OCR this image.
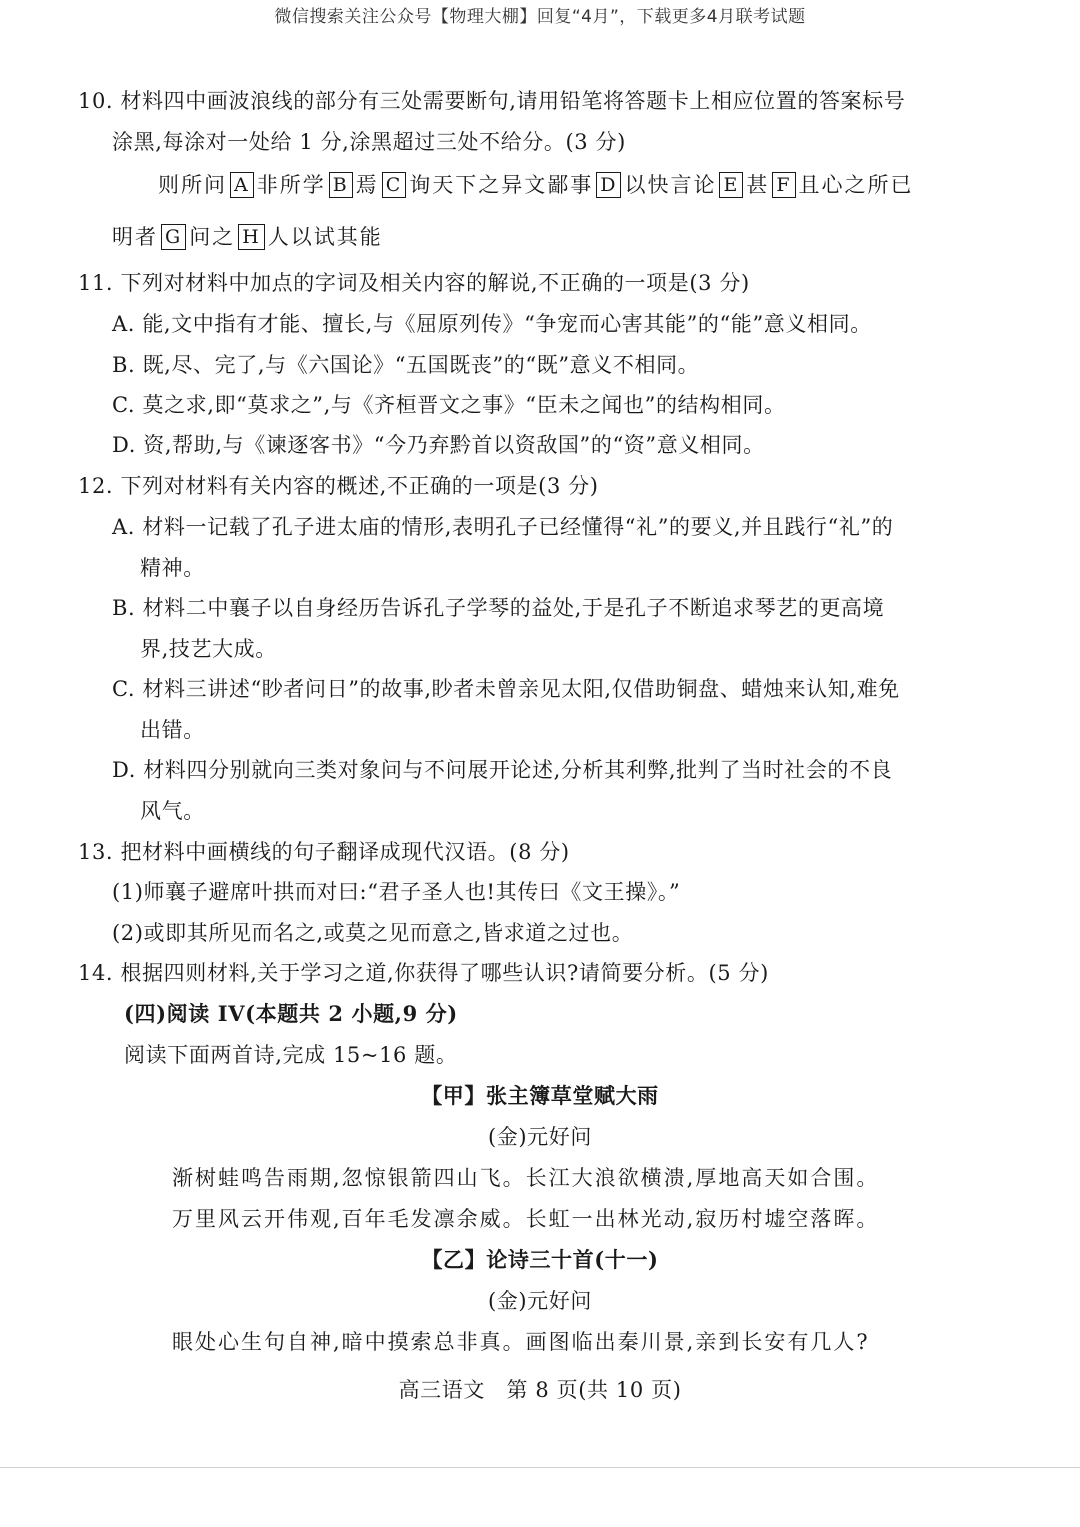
微信搜索关注公众号【物理大棚】回复“4月”，下载更多4月联考试题
10. 材料四中画波浪线的部分有三处需要断句,请用铅笔将答题卡上相应位置的答案标号
涂黑,每涂对一处给 1 分,涂黑超过三处不给分。(3 分)
则所问 A 非所学 B 焉 C 询天下之异文鄙事 D 以快言论 E 甚 F 且心之所已
明者 G 问之 H 人以试其能
11. 下列对材料中加点的字词及相关内容的解说,不正确的一项是(3 分)
A. 能,文中指有才能、擅长,与《屈原列传》“争宠而心害其能”的“能”意义相同。
B. 既,尽、完了,与《六国论》“五国既丧”的“既”意义不相同。
C. 莫之求,即“莫求之”,与《齐桓晋文之事》“臣未之闻也”的结构相同。
D. 资,帮助,与《谏逐客书》“今乃弃黔首以资敌国”的“资”意义相同。
12. 下列对材料有关内容的概述,不正确的一项是(3 分)
A. 材料一记载了孔子进太庙的情形,表明孔子已经懂得“礼”的要义,并且践行“礼”的
精神。
B. 材料二中襄子以自身经历告诉孔子学琴的益处,于是孔子不断追求琴艺的更高境
界,技艺大成。
C. 材料三讲述“眇者问日”的故事,眇者未曾亲见太阳,仅借助铜盘、蜡烛来认知,难免
出错。
D. 材料四分别就向三类对象问与不问展开论述,分析其利弊,批判了当时社会的不良
风气。
13. 把材料中画横线的句子翻译成现代汉语。(8 分)
(1)师襄子避席叶拱而对曰:“君子圣人也!其传曰《文王操》。”
(2)或即其所见而名之,或莫之见而意之,皆求道之过也。
14. 根据四则材料,关于学习之道,你获得了哪些认识?请简要分析。(5 分)
(四)阅读 IV(本题共 2 小题,9 分)
阅读下面两首诗,完成 15~16 题。
【甲】张主簿草堂赋大雨
(金)元好问
渐树蛙鸣告雨期,忽惊银箭四山飞。长江大浪欲横溃,厚地高天如合围。
万里风云开伟观,百年毛发凛余威。长虹一出林光动,寂历村墟空落晖。
【乙】论诗三十首(十一)
(金)元好问
眼处心生句自神,暗中摸索总非真。画图临出秦川景,亲到长安有几人?
高三语文　第 8 页(共 10 页)
